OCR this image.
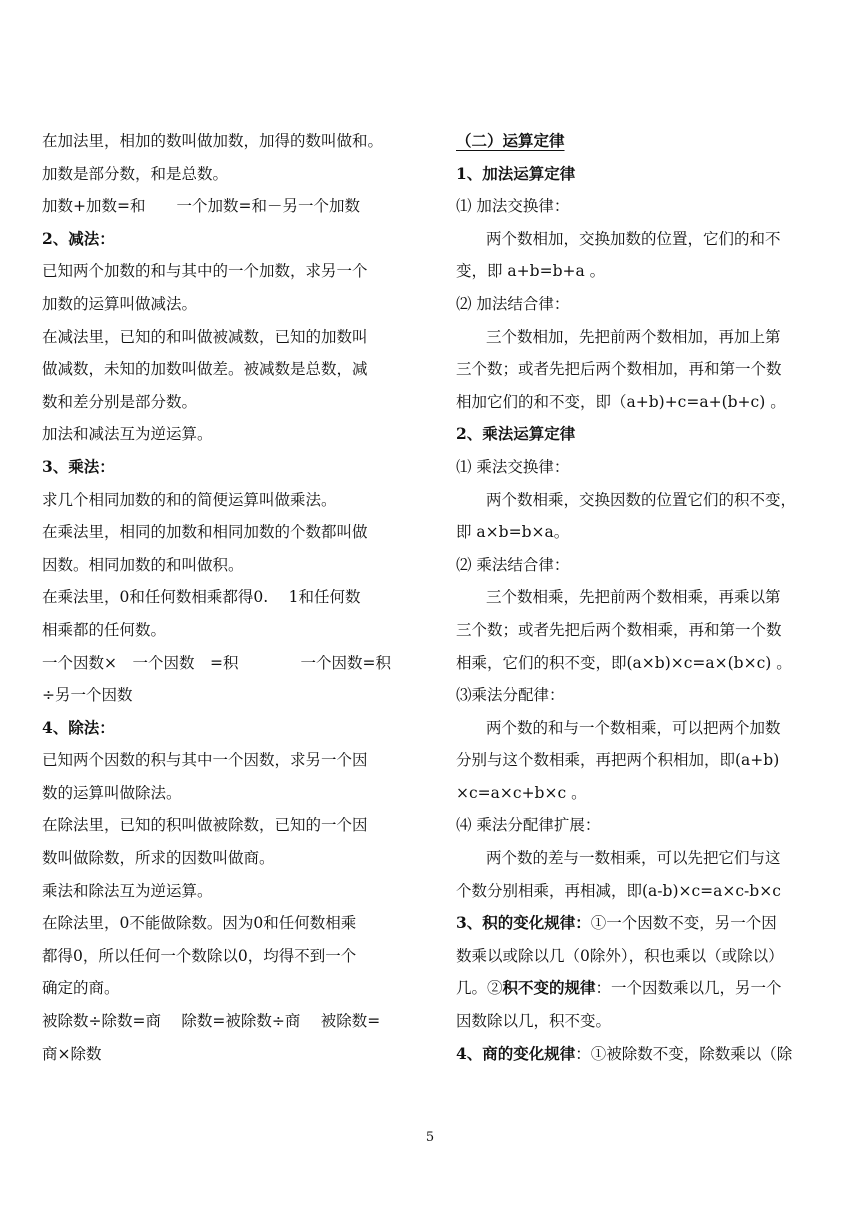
在加法里，相加的数叫做加数，加得的数叫做和。
加数是部分数，和是总数。
加数+加数=和　　一个加数=和－另一个加数
2、减法：
已知两个加数的和与其中的一个加数，求另一个
加数的运算叫做减法。
在减法里，已知的和叫做被减数，已知的加数叫
做减数，未知的加数叫做差。被减数是总数，减
数和差分别是部分数。
加法和减法互为逆运算。
3、乘法：
求几个相同加数的和的简便运算叫做乘法。
在乘法里，相同的加数和相同加数的个数都叫做
因数。相同加数的和叫做积。
在乘法里，0和任何数相乘都得0.　 1和任何数
相乘都的任何数。
一个因数×　一个因数　=积　　　　一个因数=积
÷另一个因数
4、除法：
已知两个因数的积与其中一个因数，求另一个因
数的运算叫做除法。
在除法里，已知的积叫做被除数，已知的一个因
数叫做除数，所求的因数叫做商。
乘法和除法互为逆运算。
在除法里，0不能做除数。因为0和任何数相乘
都得0，所以任何一个数除以0，均得不到一个
确定的商。
被除数÷除数=商　 除数=被除数÷商　 被除数=
商×除数
（二）运算定律
1、加法运算定律
⑴ 加法交换律：
两个数相加，交换加数的位置，它们的和不
变，即 a+b=b+a 。
⑵ 加法结合律：
三个数相加，先把前两个数相加，再加上第
三个数；或者先把后两个数相加，再和第一个数
相加它们的和不变，即（a+b)+c=a+(b+c) 。
2、乘法运算定律
⑴ 乘法交换律：
两个数相乘，交换因数的位置它们的积不变，
即 a×b=b×a。
⑵ 乘法结合律：
三个数相乘，先把前两个数相乘，再乘以第
三个数；或者先把后两个数相乘，再和第一个数
相乘，它们的积不变，即(a×b)×c=a×(b×c) 。
⑶乘法分配律：
两个数的和与一个数相乘，可以把两个加数
分别与这个数相乘，再把两个积相加，即(a+b)
×c=a×c+b×c 。
⑷ 乘法分配律扩展：
两个数的差与一数相乘，可以先把它们与这
个数分别相乘，再相减，即(a-b)×c=a×c-b×c
3、积的变化规律：①一个因数不变，另一个因
数乘以或除以几（0除外），积也乘以（或除以）
几。②积不变的规律：一个因数乘以几，另一个
因数除以几，积不变。
4、商的变化规律：①被除数不变，除数乘以（除
5
